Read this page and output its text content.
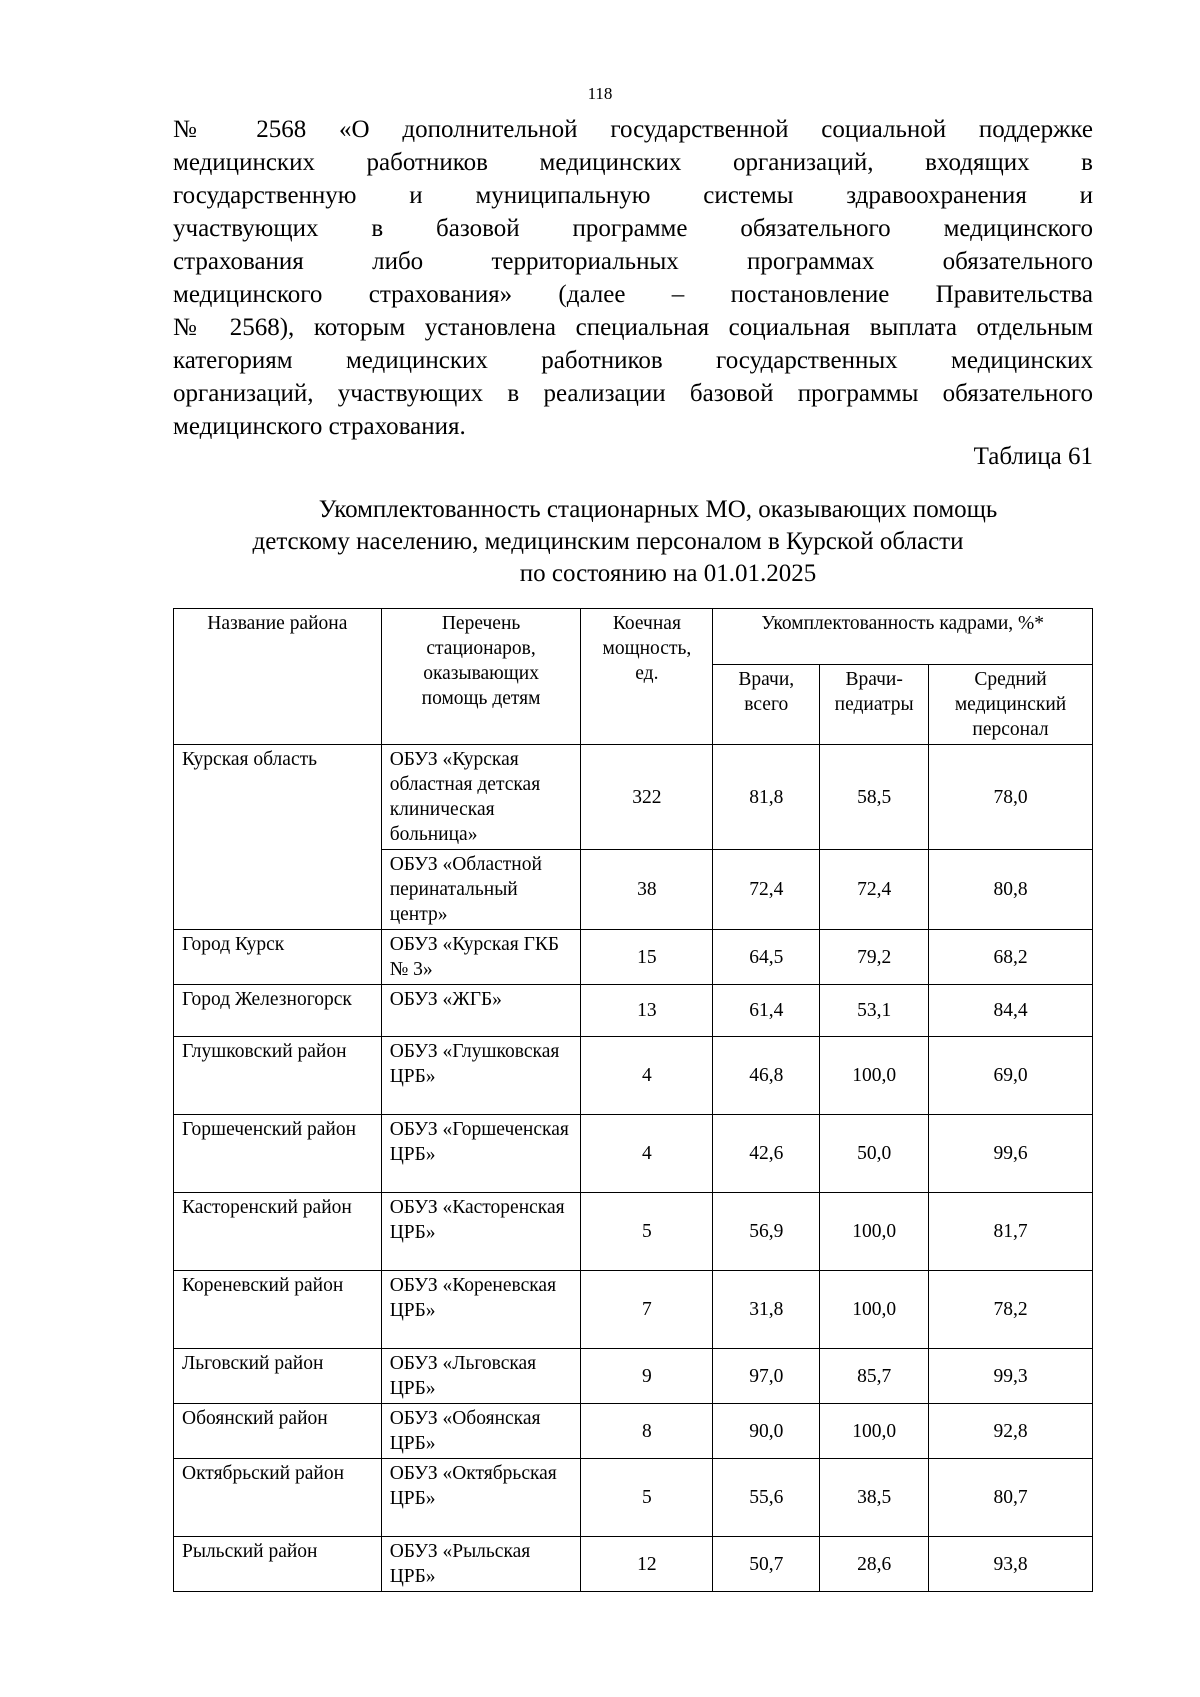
118

№ 2568 «О дополнительной государственной социальной поддержке
медицинских работников медицинских организаций, входящих в
государственную и муниципальную системы здравоохранения и
участвующих в базовой программе обязательного медицинского
страхования либо территориальных программах обязательного
медицинского страхования» (далее – постановление Правительства
№ 2568), которым установлена специальная социальная выплата отдельным
категориям медицинских работников государственных медицинских
организаций, участвующих в реализации базовой программы обязательного
медицинского страхования.

Таблица 61
Укомплектованность стационарных МО, оказывающих помощь
детскому населению, медицинским персоналом в Курской области
по состоянию на 01.01.2025
Название района	Перечень стационаров, оказывающих помощь детям	Коечная мощность, ед.	Укомплектованность кадрами, %*		
			Врачи, всего	Врачи-педиатры	Средний медицинский персонал
Курская область	ОБУЗ «Курская областная детская клиническая больница»	322	81,8	58,5	78,0
	ОБУЗ «Областной перинатальный центр»	38	72,4	72,4	80,8
Город Курск	ОБУЗ «Курская ГКБ № 3»	15	64,5	79,2	68,2
Город Железногорск	ОБУЗ «ЖГБ»	13	61,4	53,1	84,4
Глушковский район	ОБУЗ «Глушковская ЦРБ»	4	46,8	100,0	69,0
Горшеченский район	ОБУЗ «Горшеченская ЦРБ»	4	42,6	50,0	99,6
Касторенский район	ОБУЗ «Касторенская ЦРБ»	5	56,9	100,0	81,7
Кореневский район	ОБУЗ «Кореневская ЦРБ»	7	31,8	100,0	78,2
Льговский район	ОБУЗ «Льговская ЦРБ»	9	97,0	85,7	99,3
Обоянский район	ОБУЗ «Обоянская ЦРБ»	8	90,0	100,0	92,8
Октябрьский район	ОБУЗ «Октябрьская ЦРБ»	5	55,6	38,5	80,7
Рыльский район	ОБУЗ «Рыльская ЦРБ»	12	50,7	28,6	93,8
